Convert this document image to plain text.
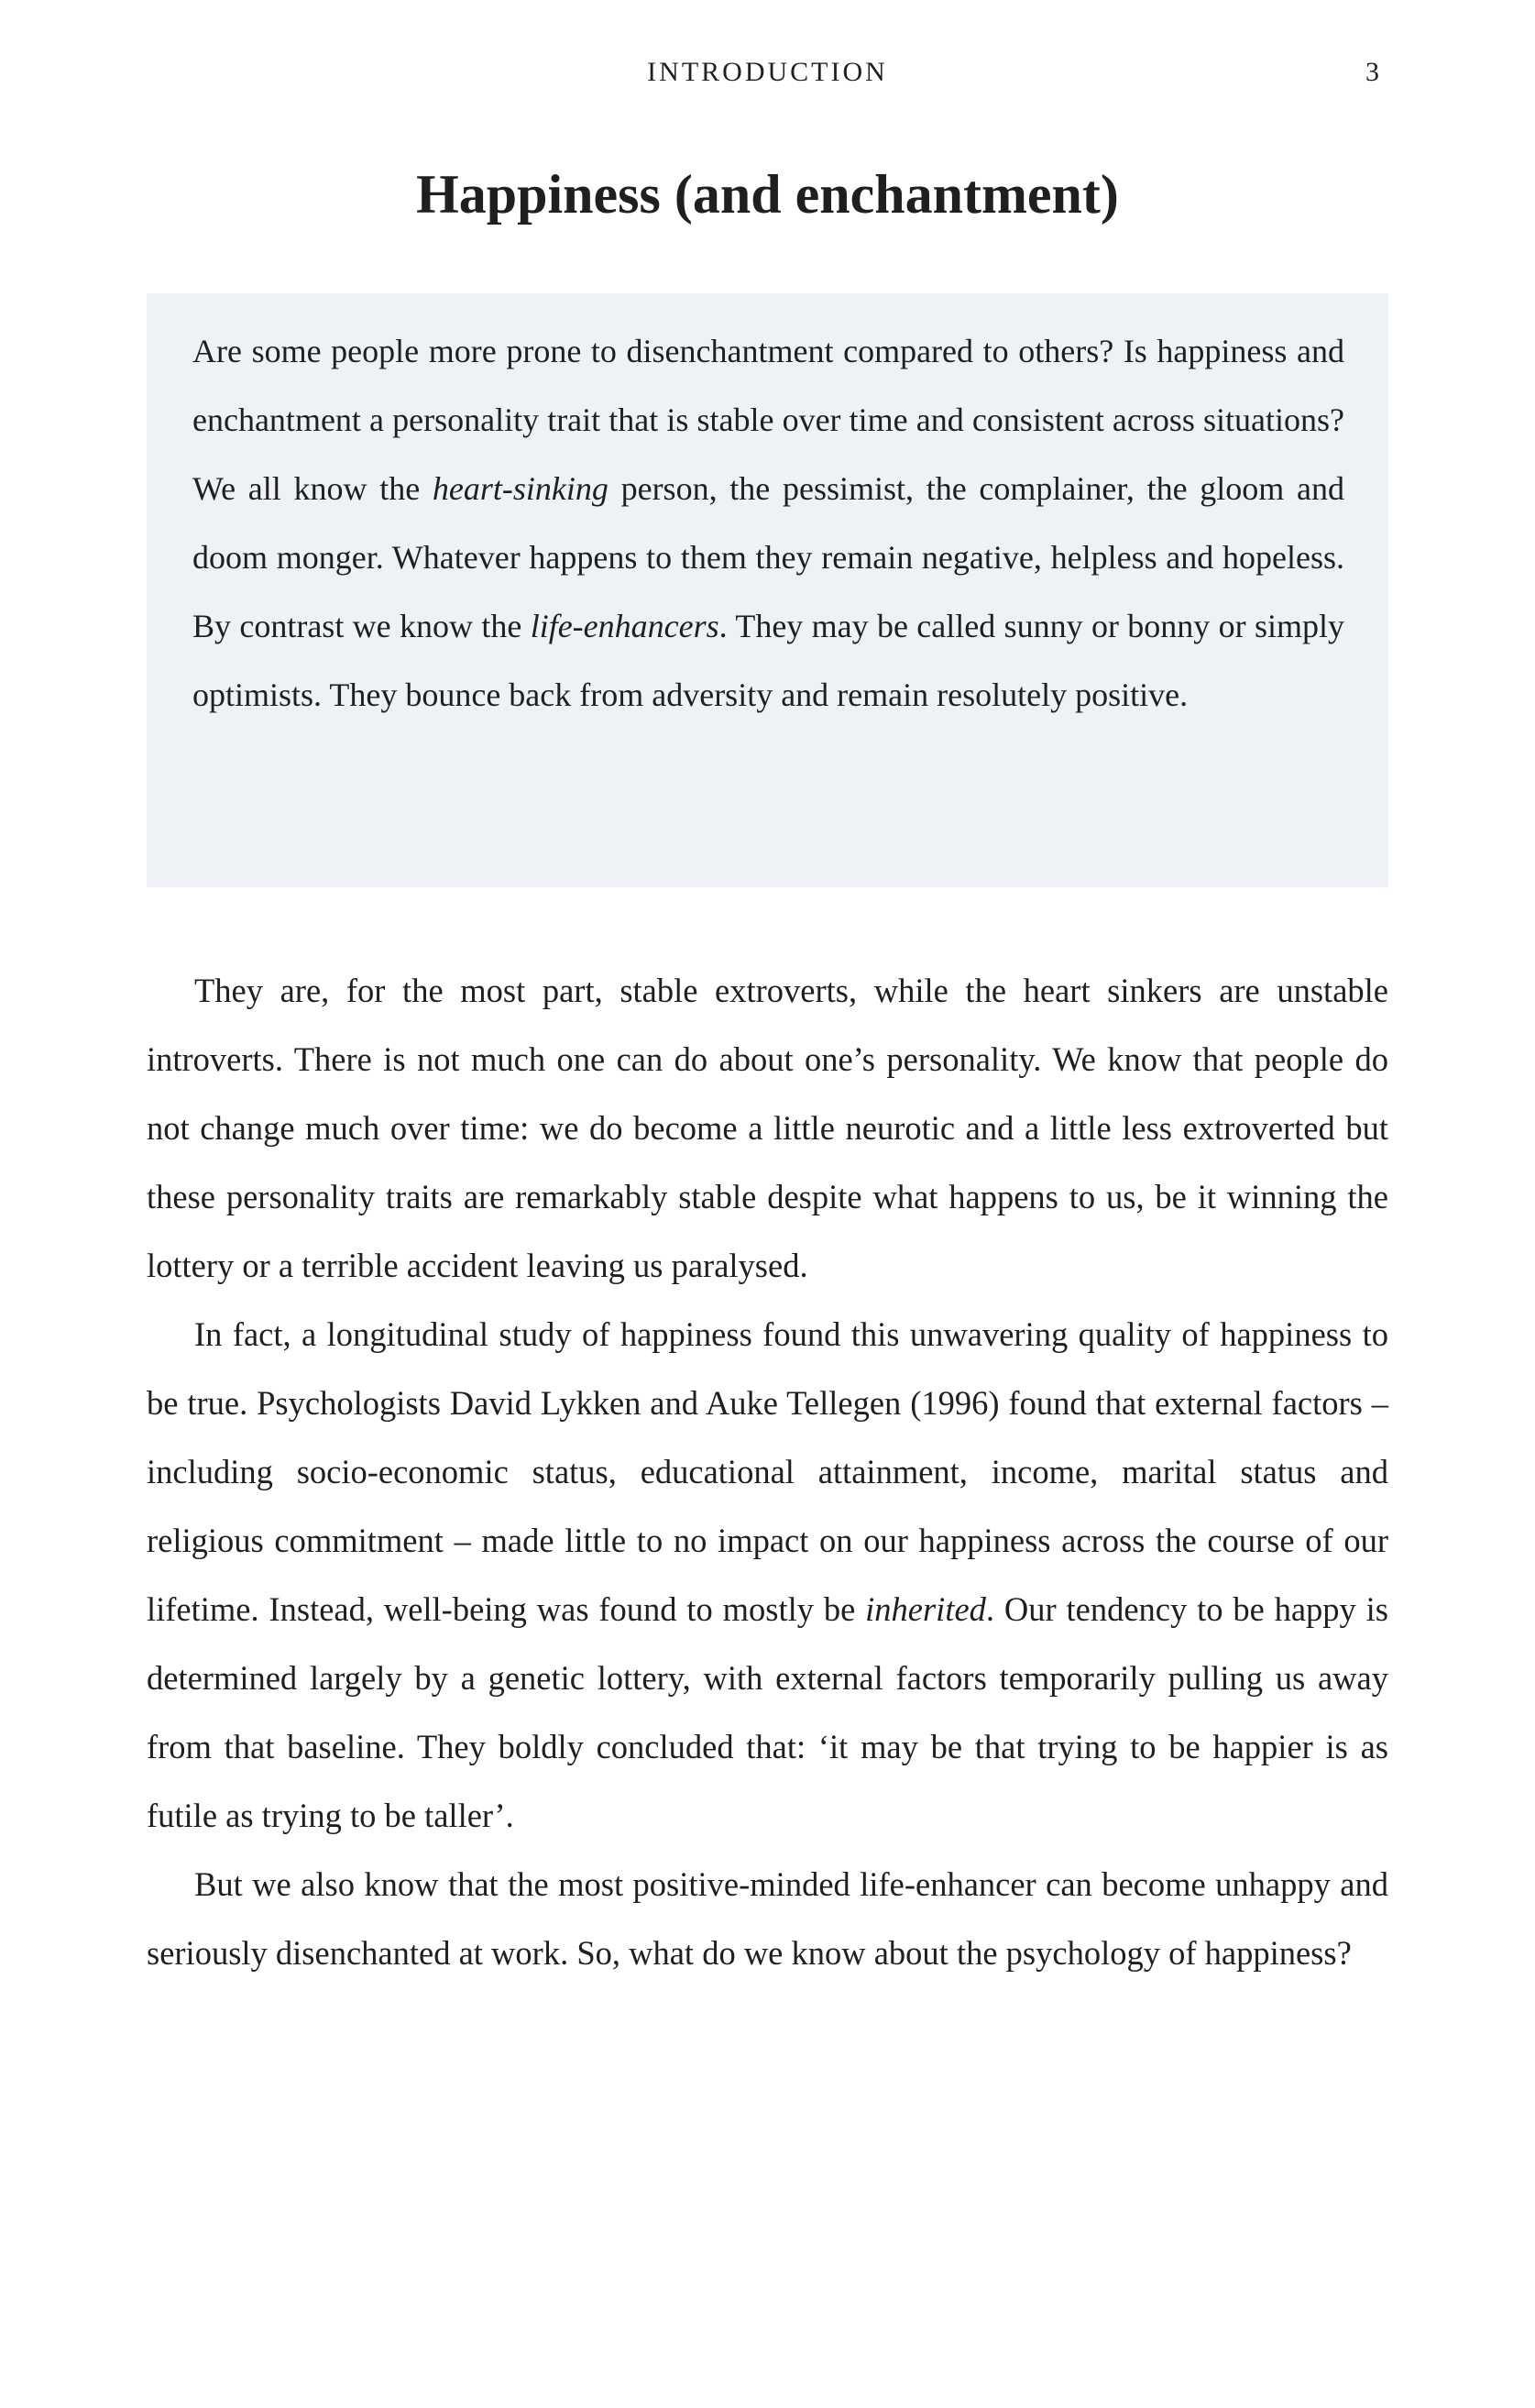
INTRODUCTION	3
Happiness (and enchantment)

Are some people more prone to disenchantment compared to others? Is happiness and enchantment a personality trait that is stable over time and consistent across situations? We all know the heart-sinking person, the pessimist, the complainer, the gloom and doom monger. Whatever happens to them they remain negative, helpless and hopeless. By contrast we know the life-enhancers. They may be called sunny or bonny or simply optimists. They bounce back from adversity and remain resolutely positive.

They are, for the most part, stable extroverts, while the heart sinkers are unstable introverts. There is not much one can do about one’s personality. We know that people do not change much over time: we do become a little neurotic and a little less extroverted but these personality traits are remarkably stable despite what happens to us, be it winning the lottery or a terrible accident leaving us paralysed.

In fact, a longitudinal study of happiness found this unwavering quality of happiness to be true. Psychologists David Lykken and Auke Tellegen (1996) found that external factors – including socio-economic status, educational attainment, income, marital status and religious commitment – made little to no impact on our happiness across the course of our lifetime. Instead, well-being was found to mostly be inherited. Our tendency to be happy is determined largely by a genetic lottery, with external factors temporarily pulling us away from that baseline. They boldly concluded that: ‘it may be that trying to be happier is as futile as trying to be taller’.

But we also know that the most positive-minded life-enhancer can become unhappy and seriously disenchanted at work. So, what do we know about the psychology of happiness?
